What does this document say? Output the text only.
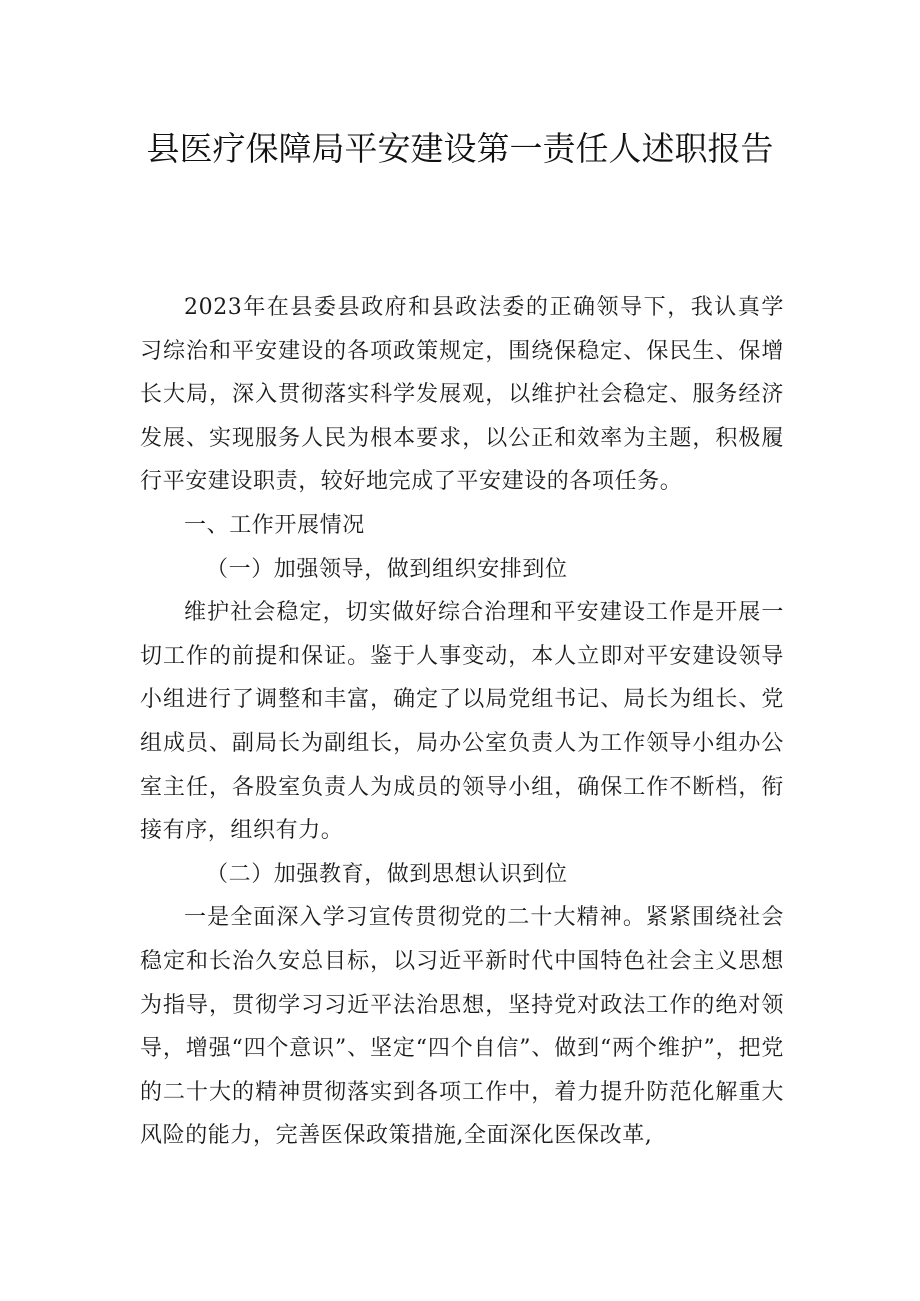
县医疗保障局平安建设第一责任人述职报告

2023年在县委县政府和县政法委的正确领导下，我认真学习综治和平安建设的各项政策规定，围绕保稳定、保民生、保增长大局，深入贯彻落实科学发展观，以维护社会稳定、服务经济发展、实现服务人民为根本要求，以公正和效率为主题，积极履行平安建设职责，较好地完成了平安建设的各项任务。

一、工作开展情况

（一）加强领导，做到组织安排到位

维护社会稳定，切实做好综合治理和平安建设工作是开展一切工作的前提和保证。鉴于人事变动，本人立即对平安建设领导小组进行了调整和丰富，确定了以局党组书记、局长为组长、党组成员、副局长为副组长，局办公室负责人为工作领导小组办公室主任，各股室负责人为成员的领导小组，确保工作不断档，衔接有序，组织有力。

（二）加强教育，做到思想认识到位

一是全面深入学习宣传贯彻党的二十大精神。紧紧围绕社会稳定和长治久安总目标，以习近平新时代中国特色社会主义思想为指导，贯彻学习习近平法治思想，坚持党对政法工作的绝对领导，增强“四个意识”、坚定“四个自信”、做到“两个维护”，把党的二十大的精神贯彻落实到各项工作中，着力提升防范化解重大风险的能力，完善医保政策措施,全面深化医保改革,
